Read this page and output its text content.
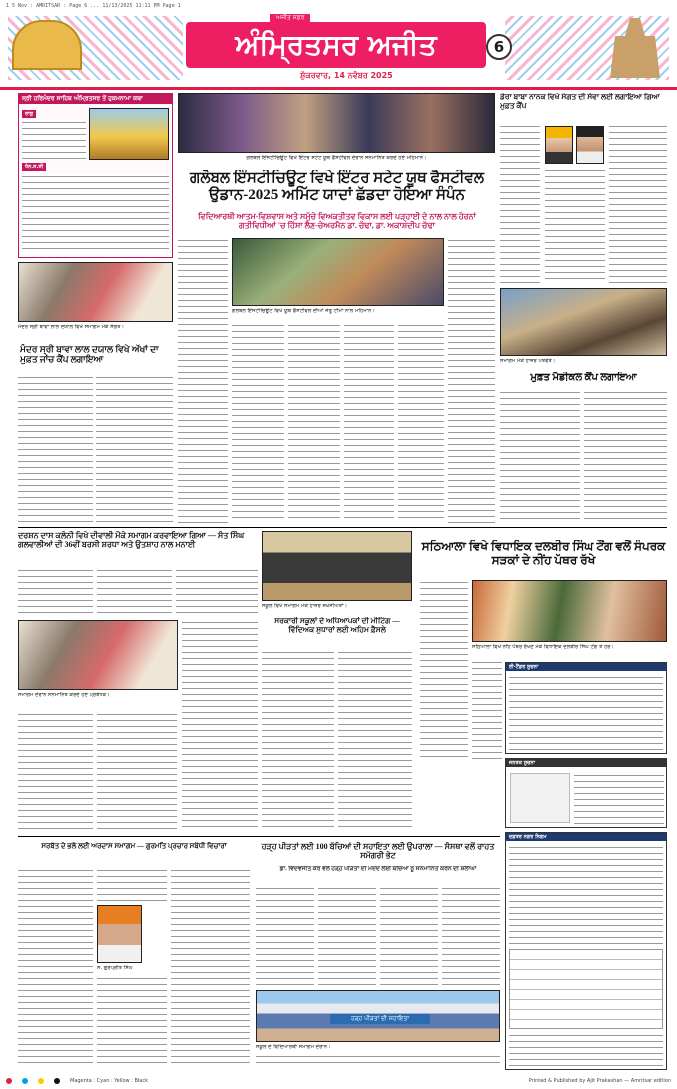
1 5 Nov : AMRITSAR : Page 6 ... 11/13/2025 11:11 PM Page 1
ਅੰਮ੍ਰਿਤਸਰ ਅਜੀਤ
ਅਜੀਤ ਸਫ਼ਰ
ਸ਼ੁੱਕਰਵਾਰ, 14 ਨਵੰਬਰ 2025
6
ਸ੍ਰੀ ਹਰਿਮੰਦਰ ਸਾਹਿਬ ਅੰਮ੍ਰਿਤਸਰ ਤੋਂ ਹੁਕਮਨਾਮਾ ਕਥਾ
ਰਾਗੁ
ਧੰਨ.ਸ.ਸੀ
ਮੰਦਰ ਸ੍ਰੀ ਬਾਵਾ ਲਾਲ ਦਯਾਲ ਵਿਖੇ ਸਮਾਗਮ ਮੌਕੇ ਸੰਗਤ।
ਮੰਦਰ ਸ੍ਰੀ ਬਾਵਾ ਲਾਲ ਦਯਾਲ ਵਿਖੇ ਅੱਖਾਂ ਦਾ ਮੁਫ਼ਤ ਜਾਂਚ ਕੈਂਪ ਲਗਾਇਆ
ਗਲੋਬਲ ਇੰਸਟੀਚਿਊਟ ਵਿਖੇ ਇੰਟਰ ਸਟੇਟ ਯੂਥ ਫੈਸਟੀਵਲ ਦੌਰਾਨ ਸਨਮਾਨਿਤ ਕਰਦੇ ਹੋਏ ਮਹਿਮਾਨ।
ਗਲੋਬਲ ਇੰਸਟੀਚਿਊਟ ਵਿਖੇ ਇੰਟਰ ਸਟੇਟ ਯੂਥ ਫੈਸਟੀਵਲ ਉਡਾਨ-2025 ਅਮਿੱਟ ਯਾਦਾਂ ਛੱਡਦਾ ਹੋਇਆ ਸੰਪੰਨ
ਵਿਦਿਆਰਥੀ ਆਤਮ-ਵਿਸ਼ਵਾਸ ਅਤੇ ਸਮੁੱਚੇ ਵਿਅਕਤੀਤਵ ਵਿਕਾਸ ਲਈ ਪੜ੍ਹਾਈ ਦੇ ਨਾਲ ਨਾਲ ਹੋਰਨਾਂ ਗਤੀਵਿਧੀਆਂ 'ਚ ਹਿੱਸਾ ਲੈਣ-ਚੇਅਰਮੈਨ ਡਾ. ਚੱਢਾ, ਡਾ. ਅਕਾਸ਼ਦੀਪ ਚੱਢਾ
ਗਲੋਬਲ ਇੰਸਟੀਚਿਊਟ ਵਿਖੇ ਯੂਥ ਫੈਸਟੀਵਲ ਦੀਆਂ ਜੇਤੂ ਟੀਮਾਂ ਨਾਲ ਮਹਿਮਾਨ।
ਡੇਰਾ ਬਾਬਾ ਨਾਨਕ ਵਿਖੇ ਸੰਗਤ ਦੀ ਸੇਵਾ ਲਈ ਲਗਾਇਆ ਗਿਆ ਮੁਫ਼ਤ ਕੈਂਪ
ਸਮਾਗਮ ਮੌਕੇ ਹਾਜ਼ਰ ਪਤਵੰਤੇ।
ਮੁਫ਼ਤ ਮੈਡੀਕਲ ਕੈਂਪ ਲਗਾਇਆ
ਦਰਸ਼ਨ ਦਾਸ ਕਲੋਨੀ ਵਿਖੇ ਦੀਵਾਲੀ ਮੌਕੇ ਸਮਾਗਮ ਕਰਵਾਇਆ ਗਿਆ — ਸੰਤ ਸਿੰਘ ਗਲਵਾਲੀਆਂ ਦੀ 36ਵੀਂ ਬਰਸੀ ਸ਼ਰਧਾ ਅਤੇ ਉਤਸ਼ਾਹ ਨਾਲ ਮਨਾਈ
ਸਮਾਗਮ ਦੌਰਾਨ ਸਨਮਾਨਿਤ ਕਰਦੇ ਹੋਏ ਪ੍ਰਬੰਧਕ।
ਸਕੂਲ ਵਿਖੇ ਸਮਾਗਮ ਮੌਕੇ ਹਾਜ਼ਰ ਸ਼ਖ਼ਸੀਅਤਾਂ।
ਸਰਕਾਰੀ ਸਕੂਲਾਂ ਦੇ ਅਧਿਆਪਕਾਂ ਦੀ ਮੀਟਿੰਗ — ਵਿੱਦਿਅਕ ਸੁਧਾਰਾਂ ਲਈ ਅਹਿਮ ਫ਼ੈਸਲੇ
ਸਠਿਆਲਾ ਵਿਖੇ ਵਿਧਾਇਕ ਦਲਬੀਰ ਸਿੰਘ ਟੌਂਗ ਵਲੋਂ ਸੰਪਰਕ ਸੜਕਾਂ ਦੇ ਨੀਂਹ ਪੱਥਰ ਰੱਖੇ
ਸਠਿਆਲਾ ਵਿਖੇ ਨੀਂਹ ਪੱਥਰ ਰੱਖਣ ਮੌਕੇ ਵਿਧਾਇਕ ਦਲਬੀਰ ਸਿੰਘ ਟੌਂਗ ਤੇ ਹੋਰ।
ਈ-ਟੈਂਡਰ ਸੂਚਨਾ
ਜਨਤਕ ਸੂਚਨਾ
ਦਫ਼ਤਰ ਨਗਰ ਨਿਗਮ
ਸਰਬੱਤ ਦੇ ਭਲੇ ਲਈ ਅਰਦਾਸ ਸਮਾਗਮ — ਗੁਰਮਤਿ ਪ੍ਰਚਾਰ ਸਬੰਧੀ ਵਿਚਾਰਾਂ
ਸ. ਗੁਰਪ੍ਰੀਤ ਸਿੰਘ
ਹੜ੍ਹ ਪੀੜਤਾਂ ਲਈ 100 ਬੱਚਿਆਂ ਦੀ ਸਹਾਇਤਾ ਲਈ ਉਪਰਾਲਾ — ਸੰਸਥਾ ਵਲੋਂ ਰਾਹਤ ਸਮੱਗਰੀ ਭੇਟ
ਡਾ. ਵਿਦਵਜੀਤ ਕੌਰ ਵਲੋਂ ਹੜ੍ਹ ਪੀੜਤਾਂ ਦੀ ਮਦਦ ਲਈ ਬੱਚਿਆਂ ਨੂੰ ਸਨਮਾਨਿਤ ਕਰਨ ਦੀ ਸ਼ਲਾਘਾ
ਹੜ੍ਹ ਪੀੜਤਾਂ ਦੀ ਸਹਾਇਤਾ
ਸਕੂਲ ਦੇ ਵਿਦਿਆਰਥੀ ਸਮਾਗਮ ਦੌਰਾਨ।
Magenta : Cyan : Yellow : Black	Printed & Published by Ajit Prakashan — Amritsar edition
